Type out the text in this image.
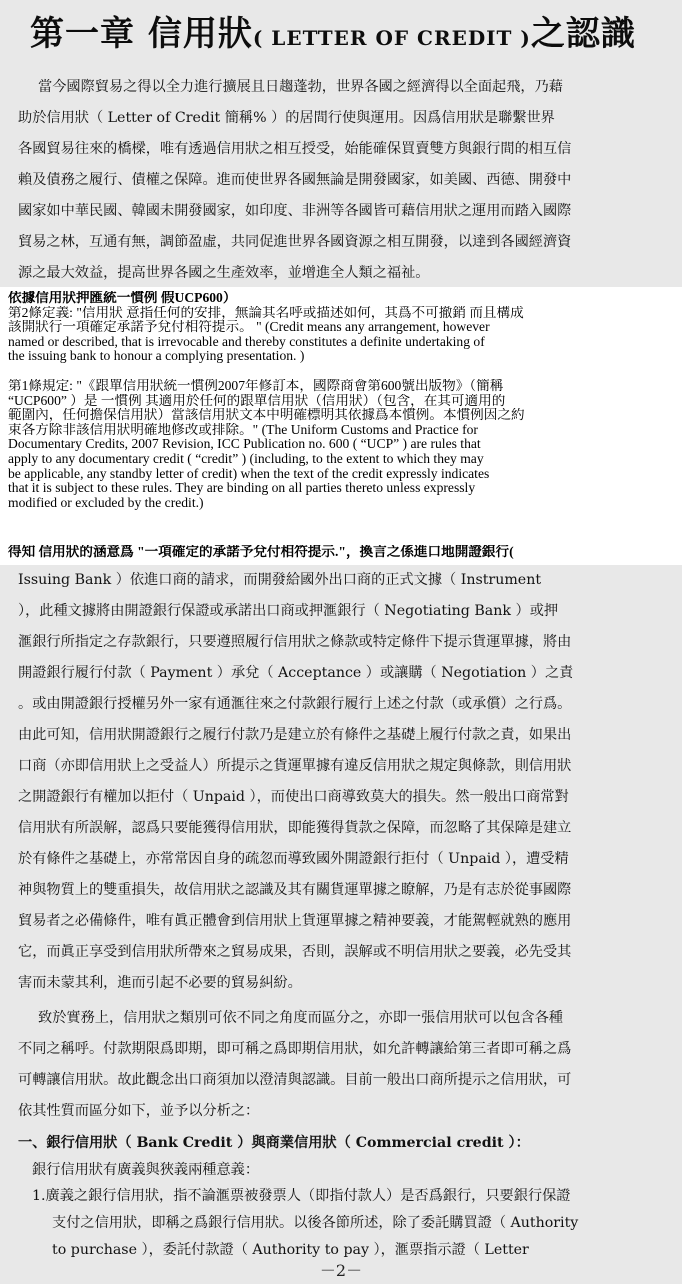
第一章 信用狀( LETTER OF CREDIT )之認識
當今國際貿易之得以全力進行擴展且日趨蓬勃，世界各國之經濟得以全面起飛，乃藉
助於信用狀（ Letter of Credit 簡稱% ）的居間行使與運用。因爲信用狀是聯繫世界
各國貿易往來的橋樑，唯有透過信用狀之相互授受，始能確保買賣雙方與銀行間的相互信
賴及債務之履行、債權之保障。進而使世界各國無論是開發國家，如美國、西德、開發中
國家如中華民國、韓國未開發國家，如印度、非洲等各國皆可藉信用狀之運用而踏入國際
貿易之林，互通有無，調節盈虛，共同促進世界各國資源之相互開發，以達到各國經濟資
源之最大效益，提高世界各國之生產效率，並增進全人類之福祉。

依據信用狀押匯統一慣例 假UCP600）

第2條定義: "信用狀 意指任何的安排，無論其名呼或描述如何，其爲不可撤銷 而且構成

該開狀行一項確定承諾予兌付相符提示。 " (Credit means any arrangement, however

named or described, that is irrevocable and thereby constitutes a definite undertaking of

the issuing bank to honour a complying presentation. )

第1條規定: "《跟單信用狀統一慣例2007年修訂本，國際商會第600號出版物》（簡稱

“UCP600” ）是 一慣例 其適用於任何的跟單信用狀（信用狀）（包含，在其可適用的

範圍內，任何擔保信用狀）當該信用狀文本中明確標明其依據爲本慣例。本慣例因之約

束各方除非該信用狀明確地修改或排除。" (The Uniform Customs and Practice for

Documentary Credits, 2007 Revision, ICC Publication no. 600 ( “UCP” ) are rules that

apply to any documentary credit ( “credit” ) (including, to the extent to which they may

be applicable, any standby letter of credit) when the text of the credit expressly indicates

that it is subject to these rules. They are binding on all parties thereto unless expressly

modified or excluded by the credit.)

得知 信用狀的涵意爲 "一項確定的承諾予兌付相符提示."，換言之係進口地開證銀行(

Issuing Bank ）依進口商的請求，而開發給國外出口商的正式文據（ Instrument
），此種文據將由開證銀行保證或承諾出口商或押滙銀行（ Negotiating Bank ）或押
滙銀行所指定之存款銀行，只要遵照履行信用狀之條款或特定條件下提示貨運單據，將由
開證銀行履行付款（ Payment ）承兌（ Acceptance ）或讓購（ Negotiation ）之責
。或由開證銀行授權另外一家有通滙往來之付款銀行履行上述之付款（或承償）之行爲。
由此可知，信用狀開證銀行之履行付款乃是建立於有條件之基礎上履行付款之責，如果出
口商（亦即信用狀上之受益人）所提示之貨運單據有違反信用狀之規定與條款，則信用狀
之開證銀行有權加以拒付（ Unpaid ），而使出口商導致莫大的損失。然一般出口商常對
信用狀有所誤解，認爲只要能獲得信用狀，即能獲得貨款之保障，而忽略了其保障是建立
於有條件之基礎上，亦常常因自身的疏忽而導致國外開證銀行拒付（ Unpaid ），遭受精
神與物質上的雙重損失，故信用狀之認識及其有關貨運單據之瞭解，乃是有志於從事國際
貿易者之必備條件，唯有眞正體會到信用狀上貨運單據之精神要義，才能駕輕就熟的應用
它，而眞正享受到信用狀所帶來之貿易成果，否則，誤解或不明信用狀之要義，必先受其
害而未蒙其利，進而引起不必要的貿易糾紛。
致於實務上，信用狀之類別可依不同之角度而區分之，亦即一張信用狀可以包含各種
不同之稱呼。付款期限爲即期，即可稱之爲即期信用狀，如允許轉讓給第三者即可稱之爲
可轉讓信用狀。故此觀念出口商須加以澄清與認識。目前一般出口商所提示之信用狀，可
依其性質而區分如下，並予以分析之：
一、銀行信用狀（ Bank Credit ）與商業信用狀（ Commercial credit ）：
銀行信用狀有廣義與狹義兩種意義：
1.廣義之銀行信用狀，指不論滙票被發票人（即指付款人）是否爲銀行，只要銀行保證
支付之信用狀，即稱之爲銀行信用狀。以後各節所述，除了委託購買證（ Authority
to purchase ），委託付款證（ Authority to pay ），滙票指示證（ Letter
－2－
